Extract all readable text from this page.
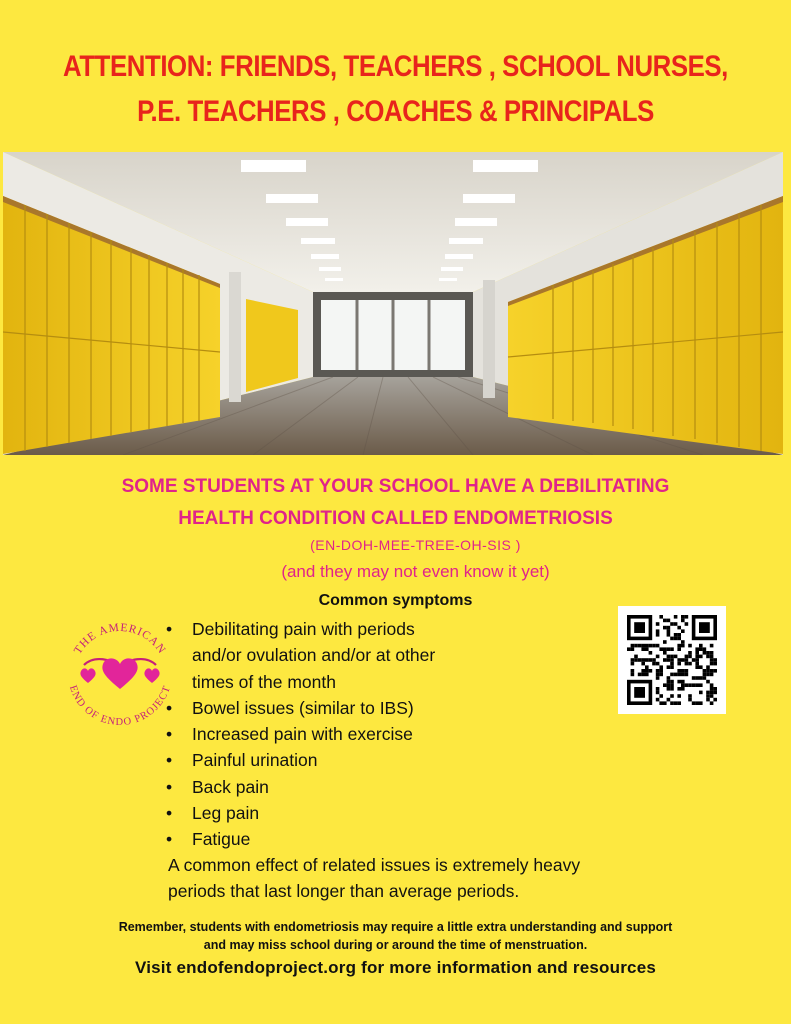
ATTENTION: FRIENDS, TEACHERS , SCHOOL NURSES,
P.E. TEACHERS , COACHES & PRINCIPALS
SOME STUDENTS AT YOUR SCHOOL HAVE A DEBILITATING
HEALTH CONDITION CALLED ENDOMETRIOSIS
(EN-DOH-MEE-TREE-OH-SIS )
(and they may not even know it yet)
Common symptoms
THE AMERICAN
END OF ENDO PROJECT
• Debilitating pain with periods
and/or ovulation and/or at other
times of the month
• Bowel issues (similar to IBS)
• Increased pain with exercise
• Painful urination
• Back pain
• Leg pain
• Fatigue
A common effect of related issues is extremely heavy
periods that last longer than average periods.
Remember, students with endometriosis may require a little extra understanding and support
and may miss school during or around the time of menstruation.
Visit endofendoproject.org for more information and resources
